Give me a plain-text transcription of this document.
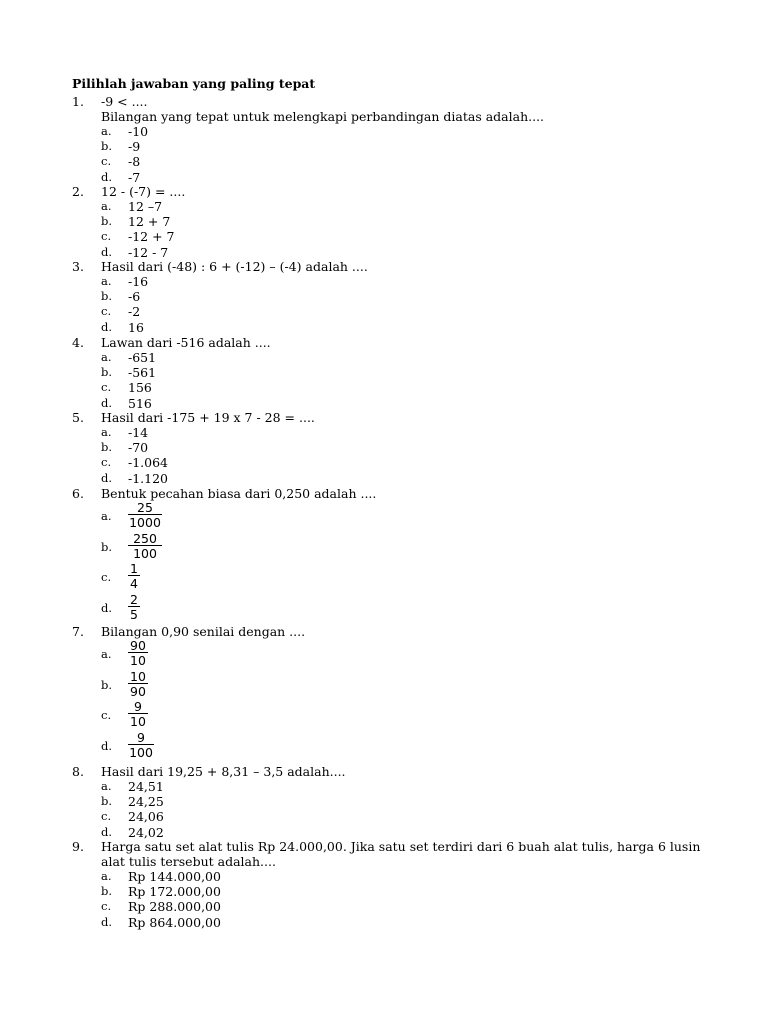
Pilihlah jawaban yang paling tepat
1. -9 < ....
Bilangan yang tepat untuk melengkapi perbandingan diatas adalah....
a. -10
b. -9
c. -8
d. -7
2. 12 - (-7) = ....
a. 12 –7
b. 12 + 7
c. -12 + 7
d. -12 - 7
3. Hasil dari (-48) : 6 + (-12) – (-4) adalah ....
a. -16
b. -6
c. -2
d. 16
4. Lawan dari -516 adalah ....
a. -651
b. -561
c. 156
d. 516
5. Hasil dari -175 + 19 x 7 - 28 = ....
a. -14
b. -70
c. -1.064
d. -1.120
6. Bentuk pecahan biasa dari 0,250 adalah ....
a. $\frac{25}{1000}$
b. $\frac{250}{100}$
c. $\frac{1}{4}$
d. $\frac{2}{5}$
7. Bilangan 0,90 senilai dengan ....
a. $\frac{90}{10}$
b. $\frac{10}{90}$
c. $\frac{9}{10}$
d. $\frac{9}{100}$
8. Hasil dari 19,25 + 8,31 – 3,5 adalah....
a. 24,51
b. 24,25
c. 24,06
d. 24,02
9. Harga satu set alat tulis Rp 24.000,00. Jika satu set terdiri dari 6 buah alat tulis, harga 6 lusin
alat tulis tersebut adalah....
a. Rp 144.000,00
b. Rp 172.000,00
c. Rp 288.000,00
d. Rp 864.000,00
